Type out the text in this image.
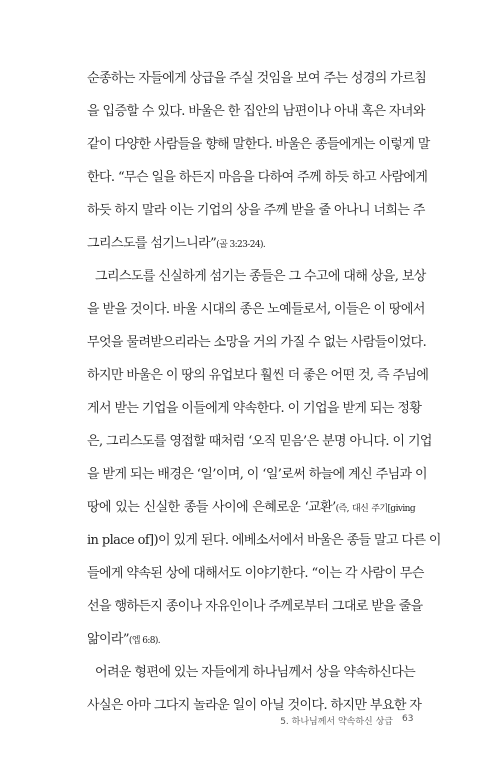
순종하는 자들에게 상급을 주실 것임을 보여 주는 성경의 가르침
을 입증할 수 있다. 바울은 한 집안의 남편이나 아내 혹은 자녀와
같이 다양한 사람들을 향해 말한다. 바울은 종들에게는 이렇게 말
한다. “무슨 일을 하든지 마음을 다하여 주께 하듯 하고 사람에게
하듯 하지 말라 이는 기업의 상을 주께 받을 줄 아나니 너희는 주
그리스도를 섬기느니라”(골 3:23-24).
그리스도를 신실하게 섬기는 종들은 그 수고에 대해 상을, 보상
을 받을 것이다. 바울 시대의 종은 노예들로서, 이들은 이 땅에서
무엇을 물려받으리라는 소망을 거의 가질 수 없는 사람들이었다.
하지만 바울은 이 땅의 유업보다 훨씬 더 좋은 어떤 것, 즉 주님에
게서 받는 기업을 이들에게 약속한다. 이 기업을 받게 되는 정황
은, 그리스도를 영접할 때처럼 ‘오직 믿음’은 분명 아니다. 이 기업
을 받게 되는 배경은 ‘일’이며, 이 ‘일’로써 하늘에 계신 주님과 이
땅에 있는 신실한 종들 사이에 은혜로운 ‘교환’(즉, 대신 주기[giving
in place of])이 있게 된다. 에베소서에서 바울은 종들 말고 다른 이
들에게 약속된 상에 대해서도 이야기한다. “이는 각 사람이 무슨
선을 행하든지 종이나 자유인이나 주께로부터 그대로 받을 줄을
앎이라”(엡 6:8).
어려운 형편에 있는 자들에게 하나님께서 상을 약속하신다는
사실은 아마 그다지 놀라운 일이 아닐 것이다. 하지만 부요한 자
5. 하나님께서 약속하신 상급 63
